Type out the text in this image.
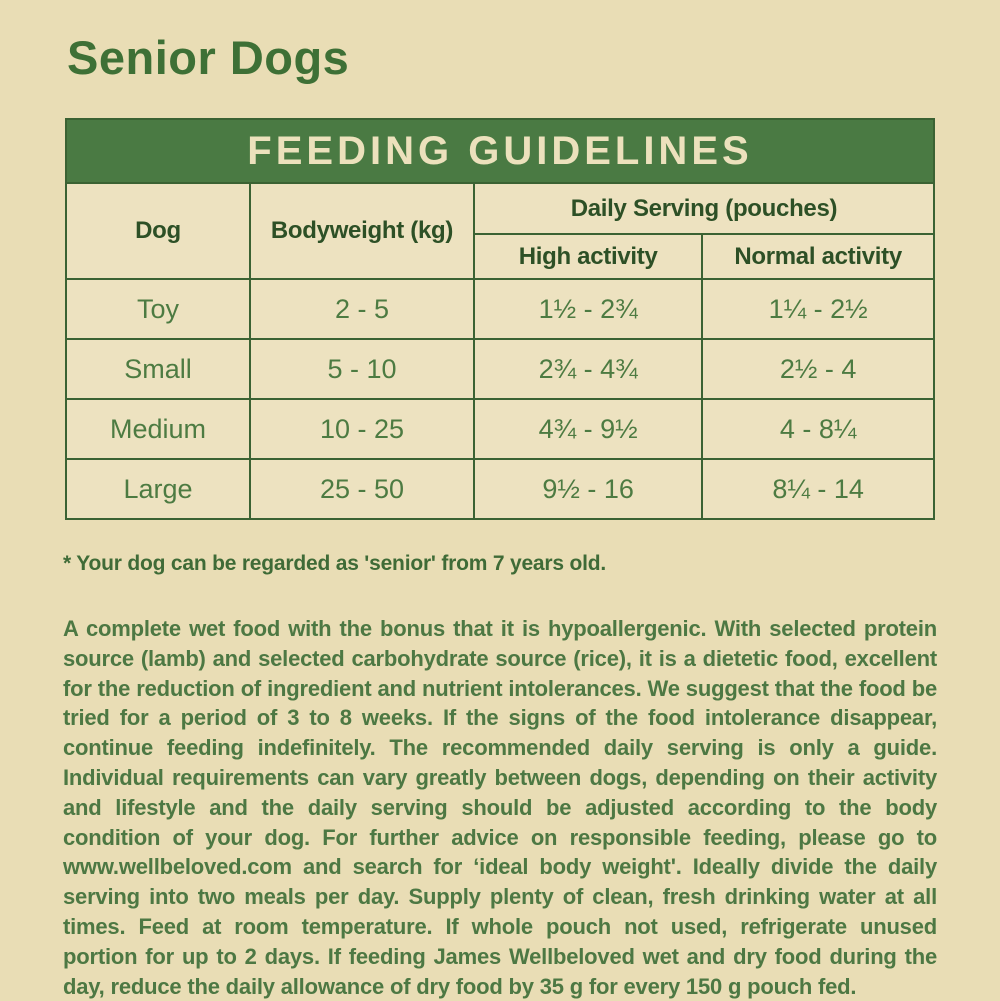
Senior Dogs
FEEDING GUIDELINES			
Dog	Bodyweight (kg)	Daily Serving (pouches)	
		High activity	Normal activity
Toy	2 - 5	1½ - 2¾	1¼ - 2½
Small	5 - 10	2¾ - 4¾	2½ - 4
Medium	10 - 25	4¾ - 9½	4 - 8¼
Large	25 - 50	9½ - 16	8¼ - 14

* Your dog can be regarded as 'senior' from 7 years old.

A complete wet food with the bonus that it is hypoallergenic. With selected protein source (lamb) and selected carbohydrate source (rice), it is a dietetic food, excellent for the reduction of ingredient and nutrient intolerances. We suggest that the food be tried for a period of 3 to 8 weeks. If the signs of the food intolerance disappear, continue feeding indefinitely. The recommended daily serving is only a guide. Individual requirements can vary greatly between dogs, depending on their activity and lifestyle and the daily serving should be adjusted according to the body condition of your dog. For further advice on responsible feeding, please go to www.wellbeloved.com and search for ‘ideal body weight'. Ideally divide the daily serving into two meals per day. Supply plenty of clean, fresh drinking water at all times. Feed at room temperature. If whole pouch not used, refrigerate unused portion for up to 2 days. If feeding James Wellbeloved wet and dry food during the day, reduce the daily allowance of dry food by 35 g for every 150 g pouch fed.
